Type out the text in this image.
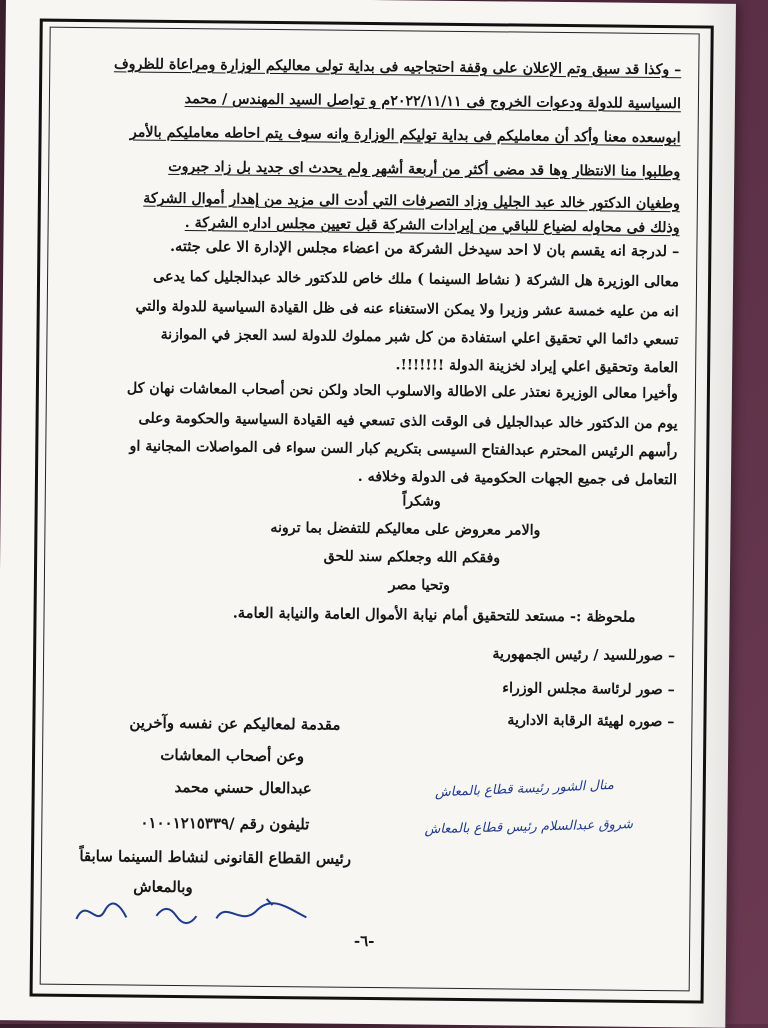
– وكذا قد سبق وتم الإعلان على وقفة احتجاجيه فى بداية تولى معاليكم الوزارة ومراعاة للظروف
السياسية للدولة ودعوات الخروج فى ٢٠٢٢/١١/١١م و تواصل السيد المهندس / محمد
ابوسعده معنا وأكد أن معامليكم فى بداية توليكم الوزارة وانه سوف يتم احاطه معامليكم بالأمر
وطلبوا منا الانتظار وها قد مضى أكثر من أربعة أشهر ولم يحدث اى جديد بل زاد جبروت
وطغيان الدكتور خالد عبد الجليل وزاد التصرفات التي أدت الى مزيد من إهدار أموال الشركة
وذلك فى محاوله لضياع للباقي من إيرادات الشركة قبل تعيين مجلس اداره الشركة .
– لدرجة انه يقسم بان لا احد سيدخل الشركة من اعضاء مجلس الإدارة الا على جثته.
معالى الوزيرة هل الشركة ( نشاط السينما ) ملك خاص للدكتور خالد عبدالجليل كما يدعى
انه من عليه خمسة عشر وزيرا ولا يمكن الاستغناء عنه فى ظل القيادة السياسية للدولة والتي
تسعي دائما الي تحقيق اعلي استفادة من كل شبر مملوك للدولة لسد العجز في الموازنة
العامة وتحقيق اعلي إيراد لخزينة الدولة !!!!!!!.
وأخيرا معالى الوزيرة نعتذر على الاطالة والاسلوب الحاد ولكن نحن أصحاب المعاشات نهان كل
يوم من الدكتور خالد عبدالجليل فى الوقت الذى تسعي فيه القيادة السياسية والحكومة وعلى
رأسهم الرئيس المحترم عبدالفتاح السيسى بتكريم كبار السن سواء فى المواصلات المجانية او
التعامل فى جميع الجهات الحكومية فى الدولة وخلافه .
وشكراً
والامر معروض على معاليكم للتفضل بما ترونه
وفقكم الله وجعلكم سند للحق
وتحيا مصر
ملحوظة :- مستعد للتحقيق أمام نيابة الأموال العامة والنيابة العامة.
– صورللسيد / رئيس الجمهورية
– صور لرئاسة مجلس الوزراء
– صوره لهيئة الرقابة الادارية
مقدمة لمعاليكم عن نفسه وآخرين
وعن أصحاب المعاشات
عبدالعال حسني محمد
تليفون رقم /٠١٠٠١٢١٥٣٣٩
رئيس القطاع القانونى لنشاط السينما سابقاً
وبالمعاش
منال الشور رئيسة قطاع بالمعاش
شروق عبدالسلام رئيس قطاع بالمعاش
-٦-
